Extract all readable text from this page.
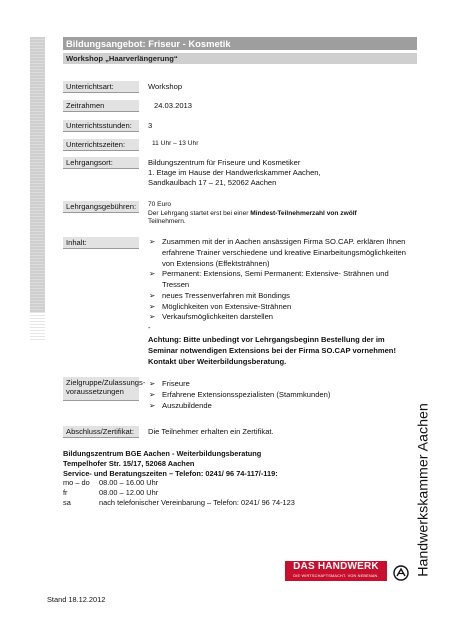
Bildungsangebot: Friseur - Kosmetik
Workshop „Haarverlängerung“
Unterrichtsart:	Workshop
Zeitrahmen	24.03.2013
Unterrichtsstunden:	3
Unterrichtszeiten:	11 Uhr – 13 Uhr
Lehrgangsort:	Bildungszentrum für Friseure und Kosmetiker
1. Etage im Hause der Handwerkskammer Aachen,
Sandkaulbach 17 – 21, 52062 Aachen
Lehrgangsgebühren:	70 Euro
Der Lehrgang startet erst bei einer Mindest-Teilnehmerzahl von zwölf
Teilnehmern.
Inhalt:	➢ Zusammen mit der in Aachen ansässigen Firma SO.CAP. erklären Ihnen erfahrene Trainer verschiedene und kreative Einarbeitungsmöglichkeiten von Extensions (Effektsträhnen)
➢ Permanent: Extensions, Semi Permanent: Extensive- Strähnen und Tressen
➢ neues Tressenverfahren mit Bondings
➢ Möglichkeiten von Extensive-Strähnen
➢ Verkaufsmöglichkeiten darstellen
-
Achtung: Bitte unbedingt vor Lehrgangsbeginn Bestellung der im Seminar notwendigen Extensions bei der Firma SO.CAP vornehmen! Kontakt über Weiterbildungsberatung.
Zielgruppe/Zulassungs-
voraussetzungen
➢ Friseure
➢ Erfahrene Extensionsspezialisten (Stammkunden)
➢ Auszubildende
Abschluss/Zertifikat:	Die Teilnehmer erhalten ein Zertifikat.
Bildungszentrum BGE Aachen - Weiterbildungsberatung
Tempelhofer Str. 15/17, 52068 Aachen
Service- und Beratungszeiten – Telefon: 0241/ 96 74-117/-119:
mo – do 08.00 – 16.00 Uhr
fr	08.00 – 12.00 Uhr
sa	nach telefonischer Vereinbarung – Telefon: 0241/ 96 74-123	Handwerkskammer Aachen
DAS HANDWERK
DIE WIRTSCHAFTSMACHT. VON NEBENAN.
Stand 18.12.2012
